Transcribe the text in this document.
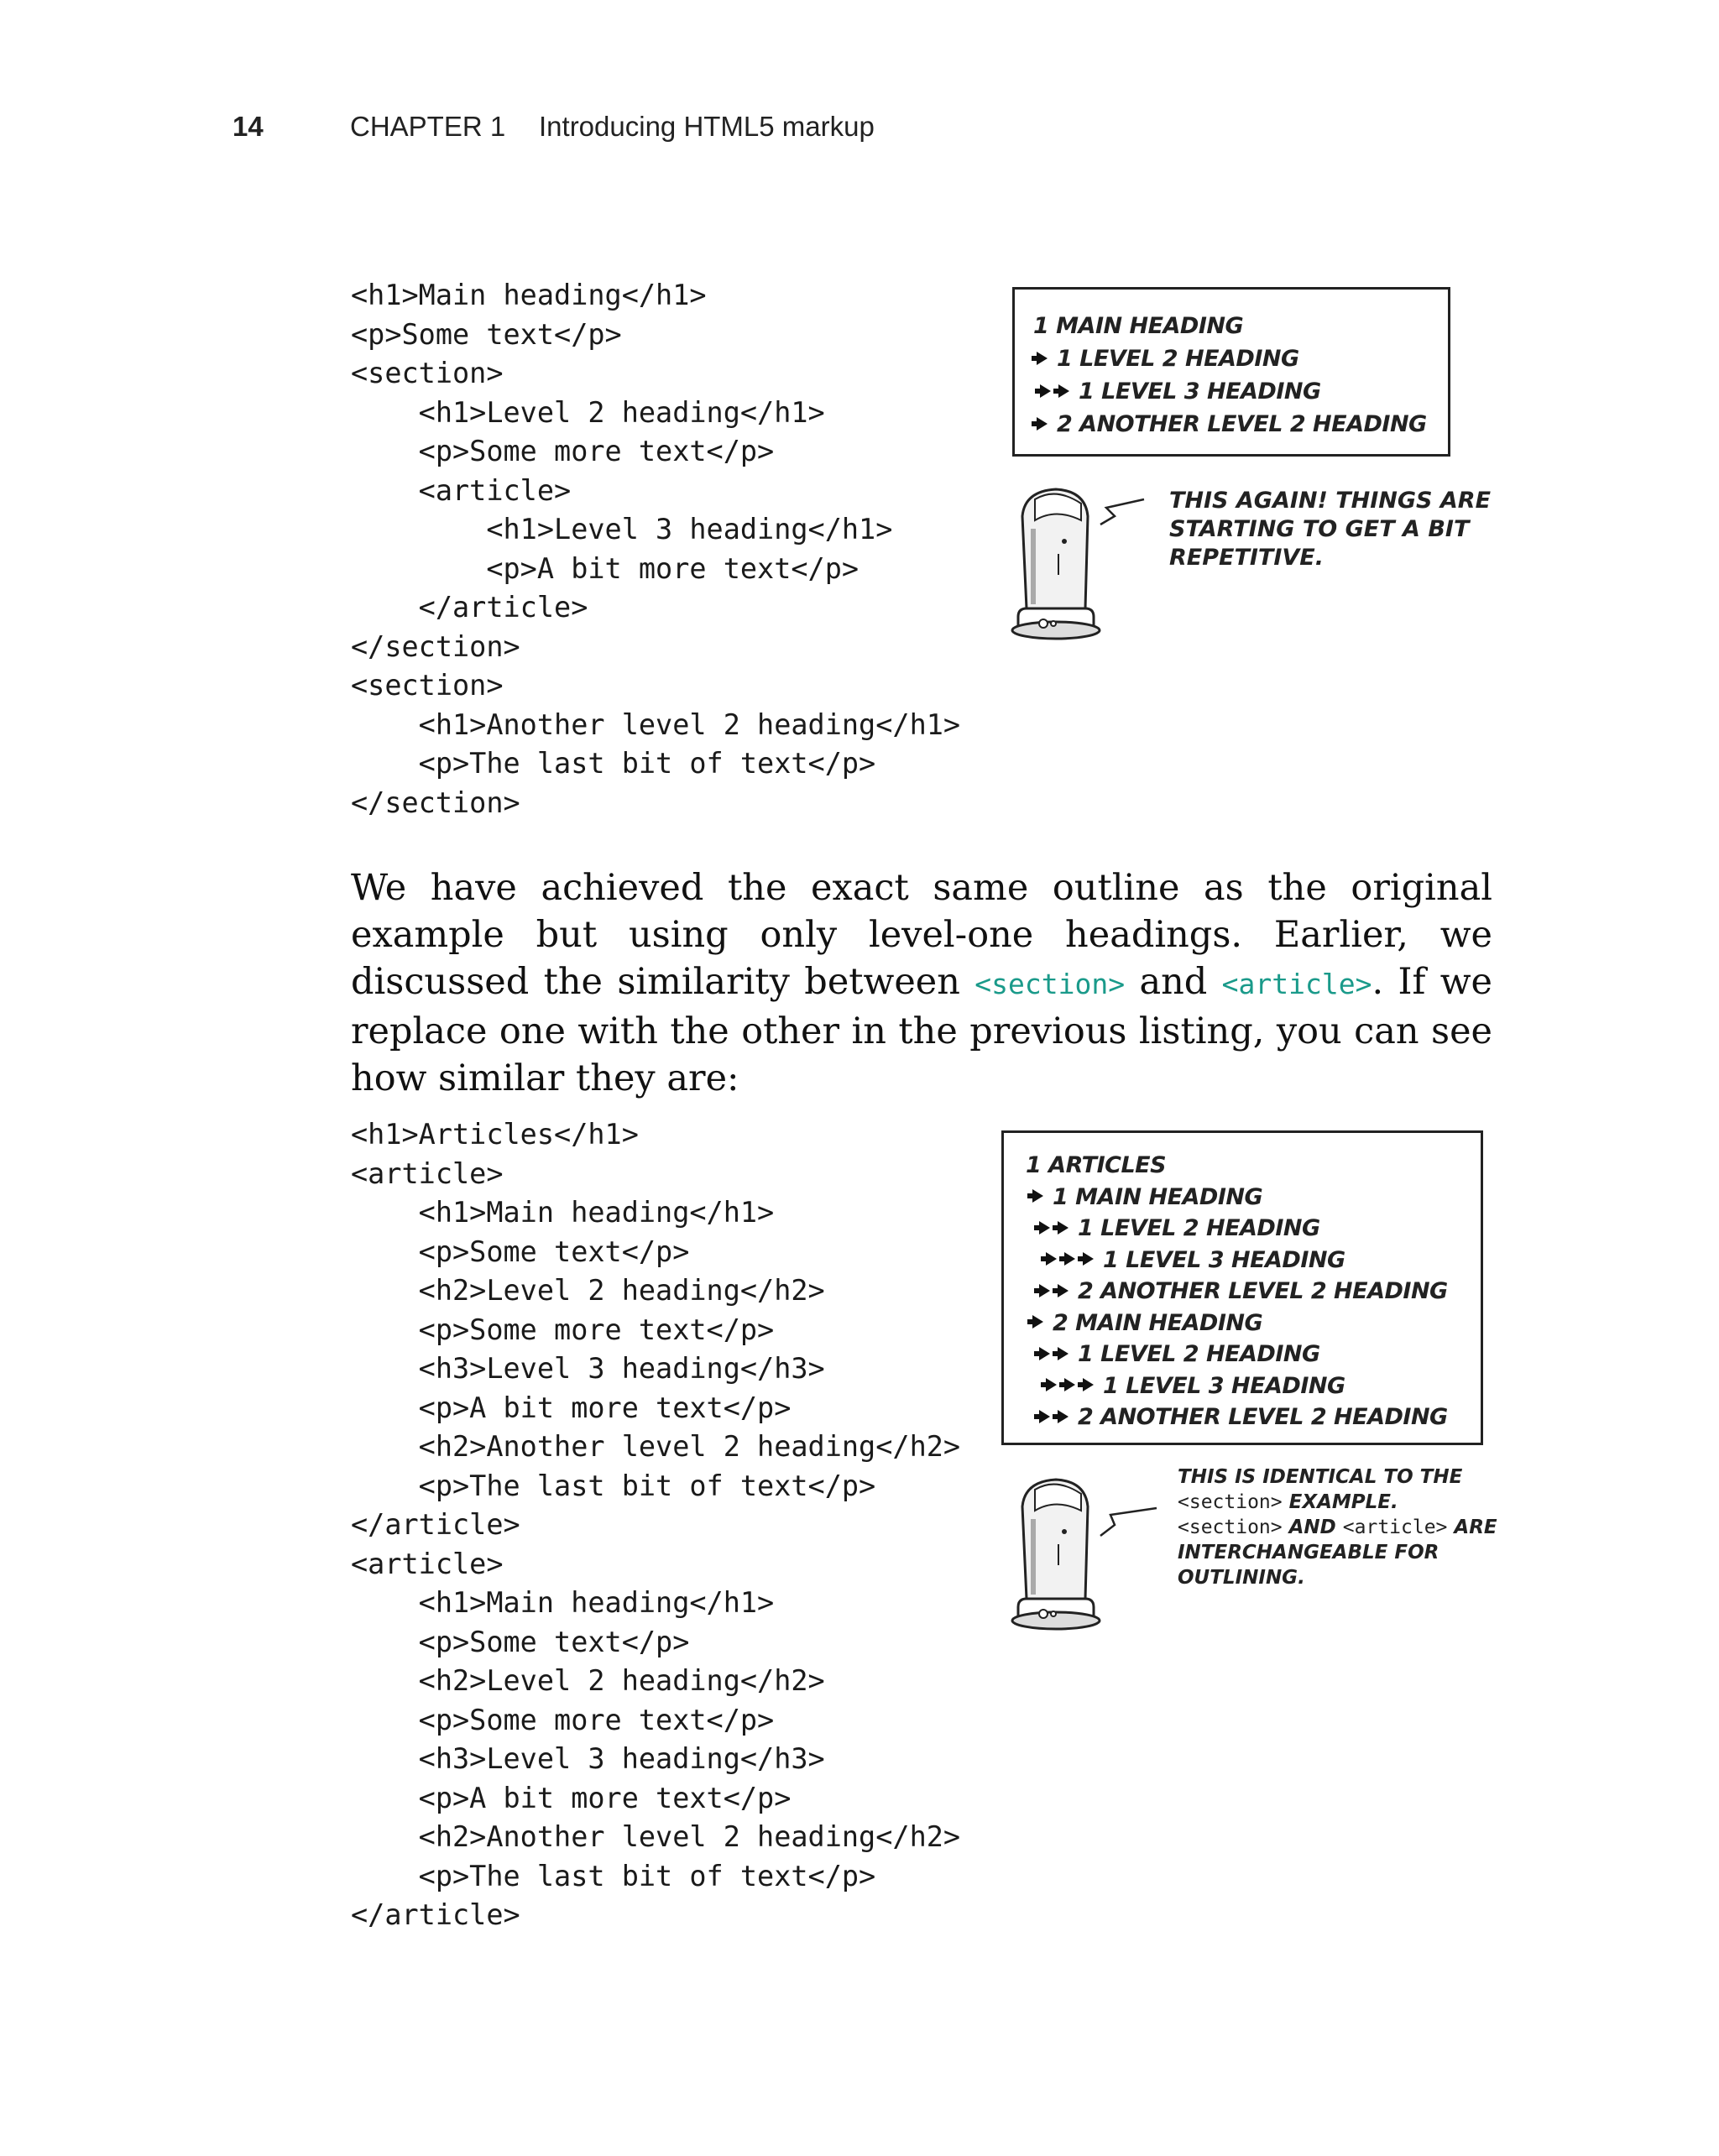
14	CHAPTER 1 Introducing HTML5 markup
<h1>Main heading</h1>
<p>Some text</p>
<section>
<h1>Level 2 heading</h1>
<p>Some more text</p>
<article>
<h1>Level 3 heading</h1>
<p>A bit more text</p>
</article>
</section>
<section>
<h1>Another level 2 heading</h1>
<p>The last bit of text</p>
</section>
1 MAIN HEADING
1 LEVEL 2 HEADING
1 LEVEL 3 HEADING
2 ANOTHER LEVEL 2 HEADING
THIS AGAIN! THINGS ARE
STARTING TO GET A BIT
REPETITIVE.
We have achieved the exact same outline as the original example but using only level-one headings. Earlier, we discussed the similarity between <section> and <article>. If we replace one with the other in the previous listing, you can see how similar they are:
<h1>Articles</h1>
<article>
<h1>Main heading</h1>
<p>Some text</p>
<h2>Level 2 heading</h2>
<p>Some more text</p>
<h3>Level 3 heading</h3>
<p>A bit more text</p>
<h2>Another level 2 heading</h2>
<p>The last bit of text</p>
</article>
<article>
<h1>Main heading</h1>
<p>Some text</p>
<h2>Level 2 heading</h2>
<p>Some more text</p>
<h3>Level 3 heading</h3>
<p>A bit more text</p>
<h2>Another level 2 heading</h2>
<p>The last bit of text</p>
</article>
1 ARTICLES
1 MAIN HEADING
1 LEVEL 2 HEADING
1 LEVEL 3 HEADING
2 ANOTHER LEVEL 2 HEADING
2 MAIN HEADING
1 LEVEL 2 HEADING
1 LEVEL 3 HEADING
2 ANOTHER LEVEL 2 HEADING
THIS IS IDENTICAL TO THE
<section> EXAMPLE.
<section> AND <article> ARE
INTERCHANGEABLE FOR
OUTLINING.
